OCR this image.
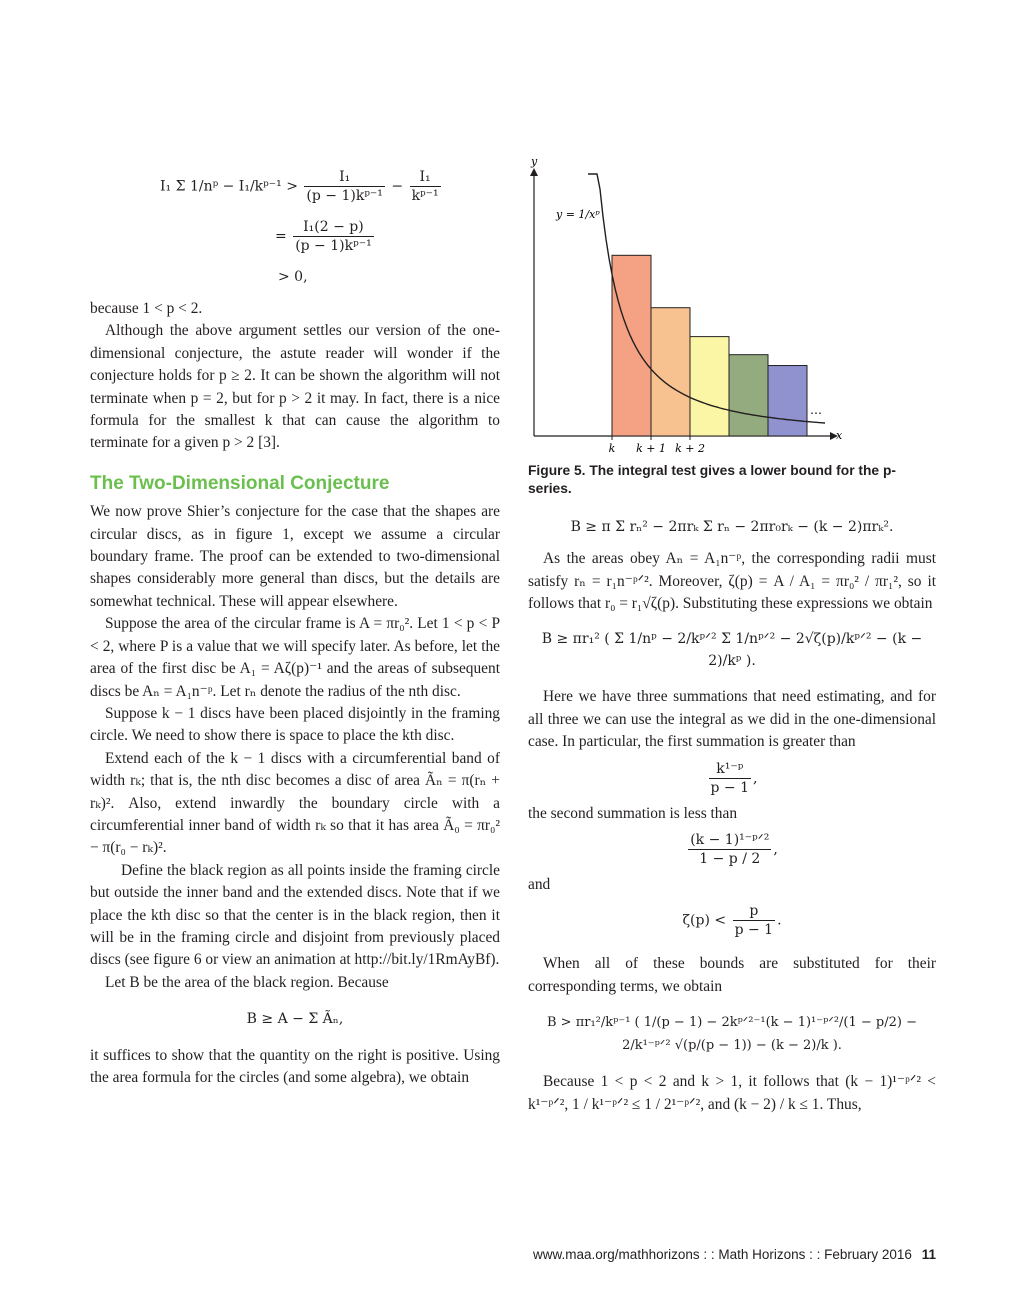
I₁ Σ 1/nᵖ − I₁/kᵖ⁻¹ > $\frac{\text{I₁}}{\text{(p − 1)kᵖ⁻¹}} - \frac{\text{I₁}}{\text{kᵖ⁻¹}}$
= $\frac{\text{I₁(2 − p)}}{\text{(p − 1)kᵖ⁻¹}}$
> 0,

because 1 < p < 2.

Although the above argument settles our version of the one-dimensional conjecture, the astute reader will wonder if the conjecture holds for p ≥ 2. It can be shown the algorithm will not terminate when p = 2, but for p > 2 it may. In fact, there is a nice formula for the smallest k that can cause the algorithm to terminate for a given p > 2 [3].

The Two-Dimensional Conjecture

We now prove Shier’s conjecture for the case that the shapes are circular discs, as in figure 1, except we assume a circular boundary frame. The proof can be extended to two-dimensional shapes considerably more general than discs, but the details are somewhat technical. These will appear elsewhere.

Suppose the area of the circular frame is A = πr₀². Let 1 < p < P < 2, where P is a value that we will specify later. As before, let the area of the first disc be A₁ = Aζ(p)⁻¹ and the areas of subsequent discs be Aₙ = A₁n⁻ᵖ. Let rₙ denote the radius of the nth disc.

Suppose k − 1 discs have been placed disjointly in the framing circle. We need to show there is space to place the kth disc.

Extend each of the k − 1 discs with a circumferential band of width rₖ; that is, the nth disc becomes a disc of area Ãₙ = π(rₙ + rₖ)². Also, extend inwardly the boundary circle with a circumferential inner band of width rₖ so that it has area Ã₀ = πr₀² − π(r₀ − rₖ)².

Define the black region as all points inside the framing circle but outside the inner band and the extended discs. Note that if we place the kth disc so that the center is in the black region, then it will be in the framing circle and disjoint from previously placed discs (see figure 6 or view an animation at http://bit.ly/1RmAyBf).

Let B be the area of the black region. Because

B ≥ A − Σ Ãₙ,

it suffices to show that the quantity on the right is positive. Using the area formula for the circles (and some algebra), we obtain

y
x
y = 1/xᵖ
…
k k + 1 k + 2
Figure 5. The integral test gives a lower bound for the p-series.
B ≥ π Σ rₙ² − 2πrₖ Σ rₙ − 2πr₀rₖ − (k − 2)πrₖ².

As the areas obey Aₙ = A₁n⁻ᵖ, the corresponding radii must satisfy rₙ = r₁n⁻ᵖᐟ². Moreover, ζ(p) = A / A₁ = πr₀² / πr₁², so it follows that r₀ = r₁√ζ(p). Substituting these expressions we obtain

B ≥ πr₁² ( Σ 1/nᵖ − 2/kᵖᐟ² Σ 1/nᵖᐟ² − 2√ζ(p)/kᵖᐟ² − (k − 2)/kᵖ ).

Here we have three summations that need estimating, and for all three we can use the integral as we did in the one-dimensional case. In particular, the first summation is greater than

$\frac{\text{k¹⁻ᵖ}}{p - 1}$ ,

the second summation is less than

$\frac{\text{(k − 1)¹⁻ᵖᐟ²}}{1 - p / 2}$ ,

and

$\zeta(p) < \frac{p}{p - 1}$ .

When all of these bounds are substituted for their corresponding terms, we obtain

B > πr₁²/kᵖ⁻¹ ( 1/(p − 1) − 2kᵖᐟ²⁻¹(k − 1)¹⁻ᵖᐟ²/(1 − p/2) − 2/k¹⁻ᵖᐟ² √(p/(p − 1)) − (k − 2)/k ).

Because 1 < p < 2 and k > 1, it follows that (k − 1)¹⁻ᵖᐟ² < k¹⁻ᵖᐟ², 1 / k¹⁻ᵖᐟ² ≤ 1 / 2¹⁻ᵖᐟ², and (k − 2) / k ≤ 1. Thus,

www.maa.org/mathhorizons : : Math Horizons : : February 2016 11
